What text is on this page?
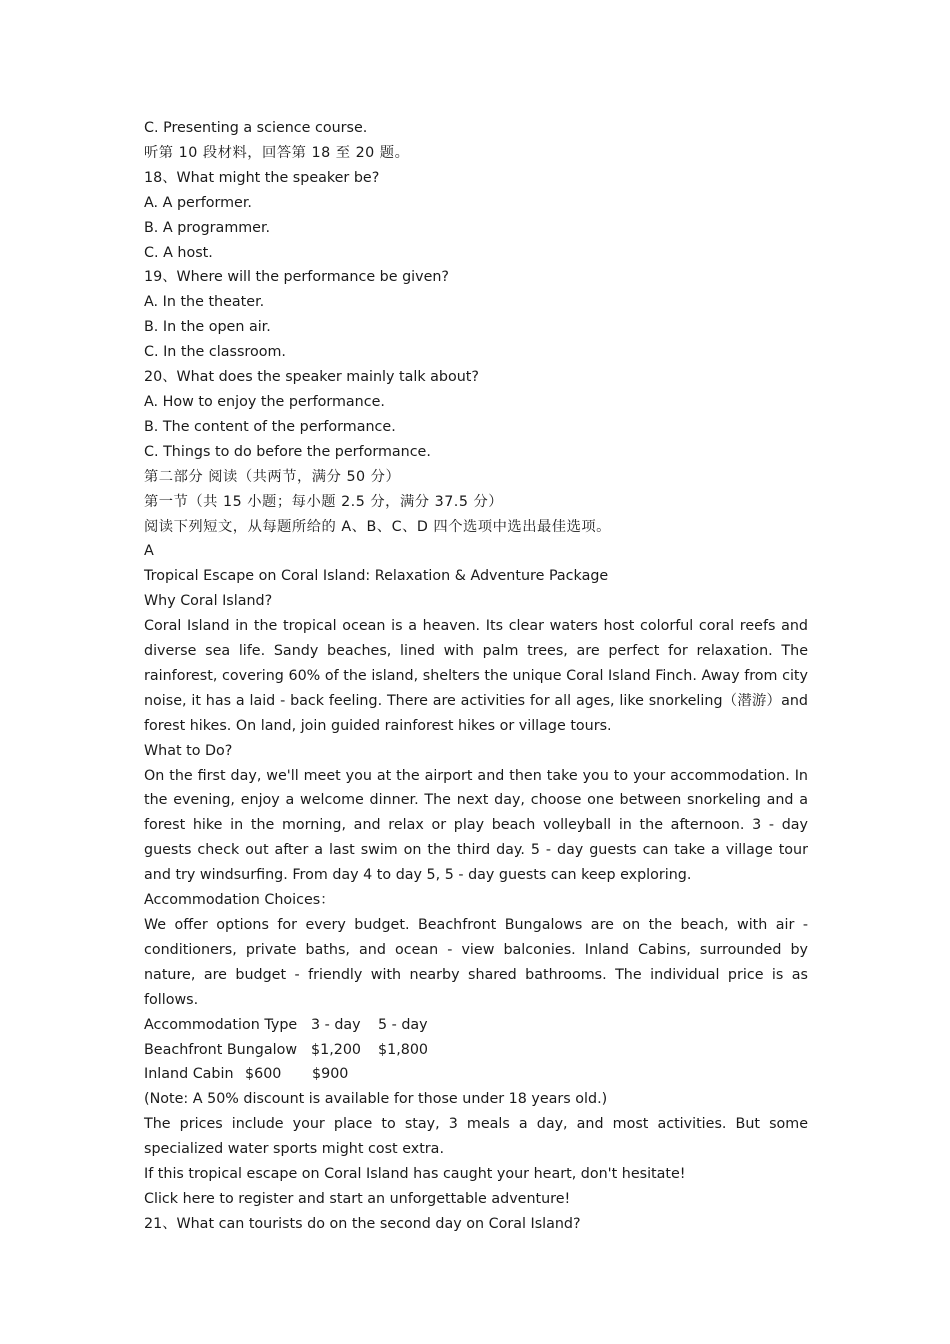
C. Presenting a science course.

听第 10 段材料，回答第 18 至 20 题。

18、What might the speaker be?

A. A performer.

B. A programmer.

C. A host.

19、Where will the performance be given?

A. In the theater.

B. In the open air.

C. In the classroom.

20、What does the speaker mainly talk about?

A. How to enjoy the performance.

B. The content of the performance.

C. Things to do before the performance.

第二部分 阅读（共两节，满分 50 分）

第一节（共 15 小题；每小题 2.5 分，满分 37.5 分）

阅读下列短文，从每题所给的 A、B、C、D 四个选项中选出最佳选项。

A

Tropical Escape on Coral Island: Relaxation & Adventure Package

Why Coral Island?

Coral Island in the tropical ocean is a heaven. Its clear waters host colorful coral reefs and diverse sea life. Sandy beaches, lined with palm trees, are perfect for relaxation. The rainforest, covering 60% of the island, shelters the unique Coral Island Finch. Away from city noise, it has a laid - back feeling. There are activities for all ages, like snorkeling（潜游）and forest hikes. On land, join guided rainforest hikes or village tours.

What to Do?

On the first day, we'll meet you at the airport and then take you to your accommodation. In the evening, enjoy a welcome dinner. The next day, choose one between snorkeling and a forest hike in the morning, and relax or play beach volleyball in the afternoon. 3 - day guests check out after a last swim on the third day. 5 - day guests can take a village tour and try windsurfing. From day 4 to day 5, 5 - day guests can keep exploring.

Accommodation Choices：

We offer options for every budget. Beachfront Bungalows are on the beach, with air - conditioners, private baths, and ocean - view balconies. Inland Cabins, surrounded by nature, are budget - friendly with nearby shared bathrooms. The individual price is as follows.

Accommodation Type 3 - day	5 - day
Beachfront Bungalow $1,200	$1,800
Inland Cabin $600	$900

(Note: A 50% discount is available for those under 18 years old.)

The prices include your place to stay, 3 meals a day, and most activities. But some specialized water sports might cost extra.

If this tropical escape on Coral Island has caught your heart, don't hesitate!

Click here to register and start an unforgettable adventure!

21、What can tourists do on the second day on Coral Island?
